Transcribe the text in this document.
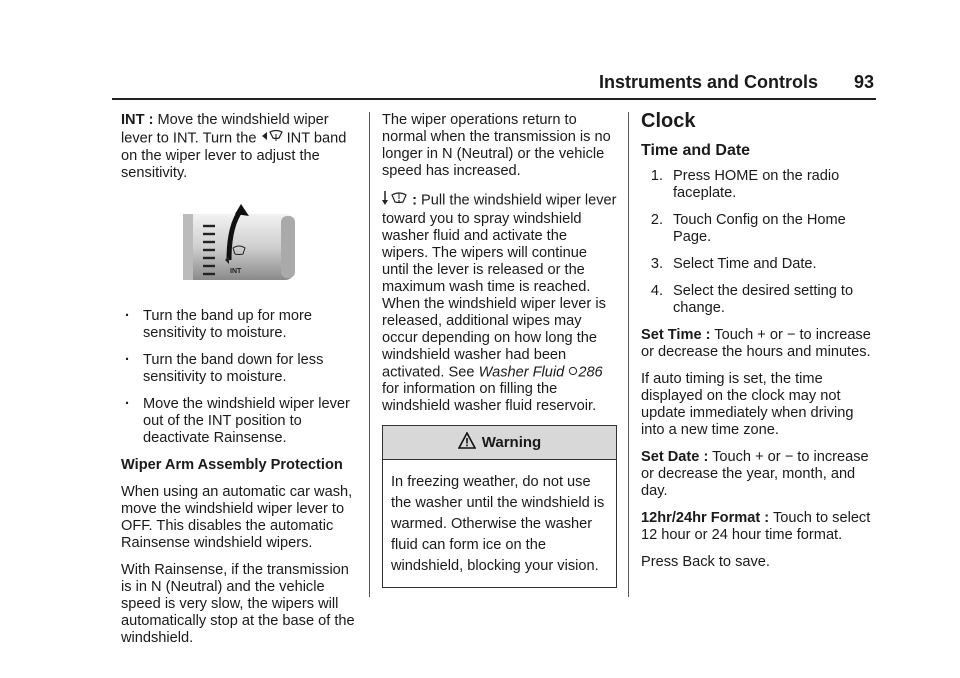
Instruments and Controls 93

INT : Move the windshield wiper lever to INT. Turn the INT band on the wiper lever to adjust the sensitivity.

INT
. Turn the band up for more sensitivity to moisture.
. Turn the band down for less sensitivity to moisture.
. Move the windshield wiper lever out of the INT position to deactivate Rainsense.

Wiper Arm Assembly Protection

When using an automatic car wash, move the windshield wiper lever to OFF. This disables the automatic Rainsense windshield wipers.

With Rainsense, if the transmission is in N (Neutral) and the vehicle speed is very slow, the wipers will automatically stop at the base of the windshield.

The wiper operations return to normal when the transmission is no longer in N (Neutral) or the vehicle speed has increased.

: Pull the windshield wiper lever toward you to spray windshield washer fluid and activate the wipers. The wipers will continue until the lever is released or the maximum wash time is reached. When the windshield wiper lever is released, additional wipes may occur depending on how long the windshield washer had been activated. See Washer Fluid 286 for information on filling the windshield washer fluid reservoir.

Warning
In freezing weather, do not use the washer until the windshield is warmed. Otherwise the washer fluid can form ice on the windshield, blocking your vision.
Clock
Time and Date
1. Press HOME on the radio faceplate.
2. Touch Config on the Home Page.
3. Select Time and Date.
4. Select the desired setting to change.

Set Time : Touch + or − to increase or decrease the hours and minutes.

If auto timing is set, the time displayed on the clock may not update immediately when driving into a new time zone.

Set Date : Touch + or − to increase or decrease the year, month, and day.

12hr/24hr Format : Touch to select 12 hour or 24 hour time format.

Press Back to save.
